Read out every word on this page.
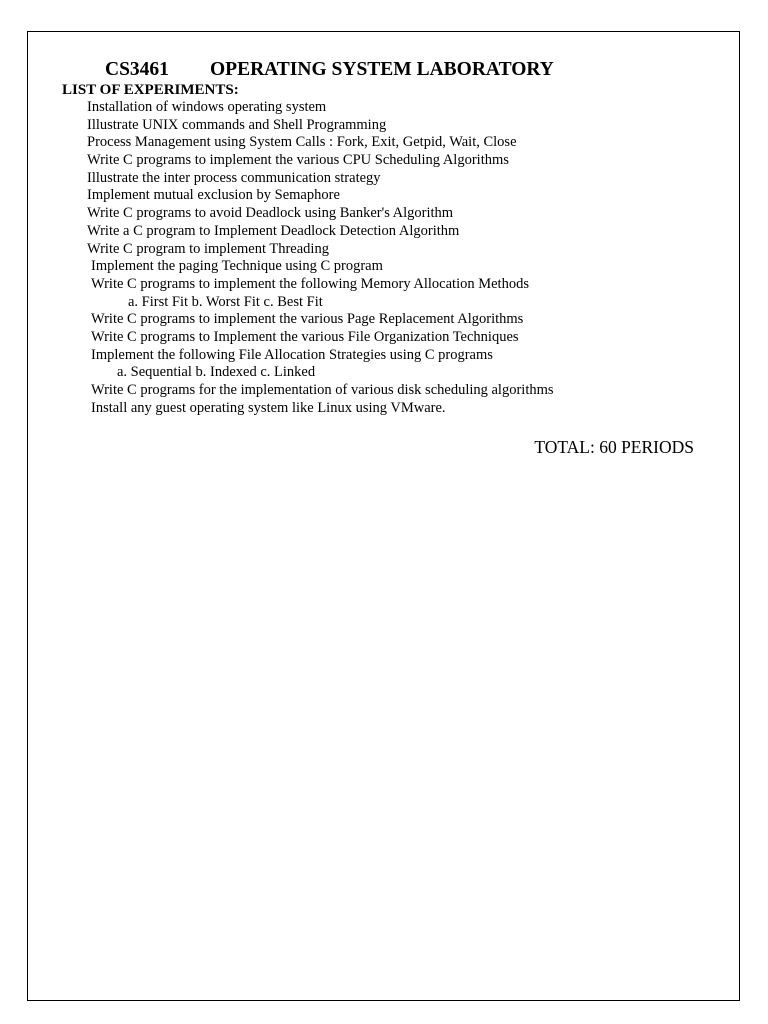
CS3461 OPERATING SYSTEM LABORATORY
LIST OF EXPERIMENTS:
Installation of windows operating system
Illustrate UNIX commands and Shell Programming
Process Management using System Calls : Fork, Exit, Getpid, Wait, Close
Write C programs to implement the various CPU Scheduling Algorithms
Illustrate the inter process communication strategy
Implement mutual exclusion by Semaphore
Write C programs to avoid Deadlock using Banker's Algorithm
Write a C program to Implement Deadlock Detection Algorithm
Write C program to implement Threading
Implement the paging Technique using C program
Write C programs to implement the following Memory Allocation Methods
a. First Fit b. Worst Fit c. Best Fit
Write C programs to implement the various Page Replacement Algorithms
Write C programs to Implement the various File Organization Techniques
Implement the following File Allocation Strategies using C programs
a. Sequential b. Indexed c. Linked
Write C programs for the implementation of various disk scheduling algorithms
Install any guest operating system like Linux using VMware.
TOTAL: 60 PERIODS
